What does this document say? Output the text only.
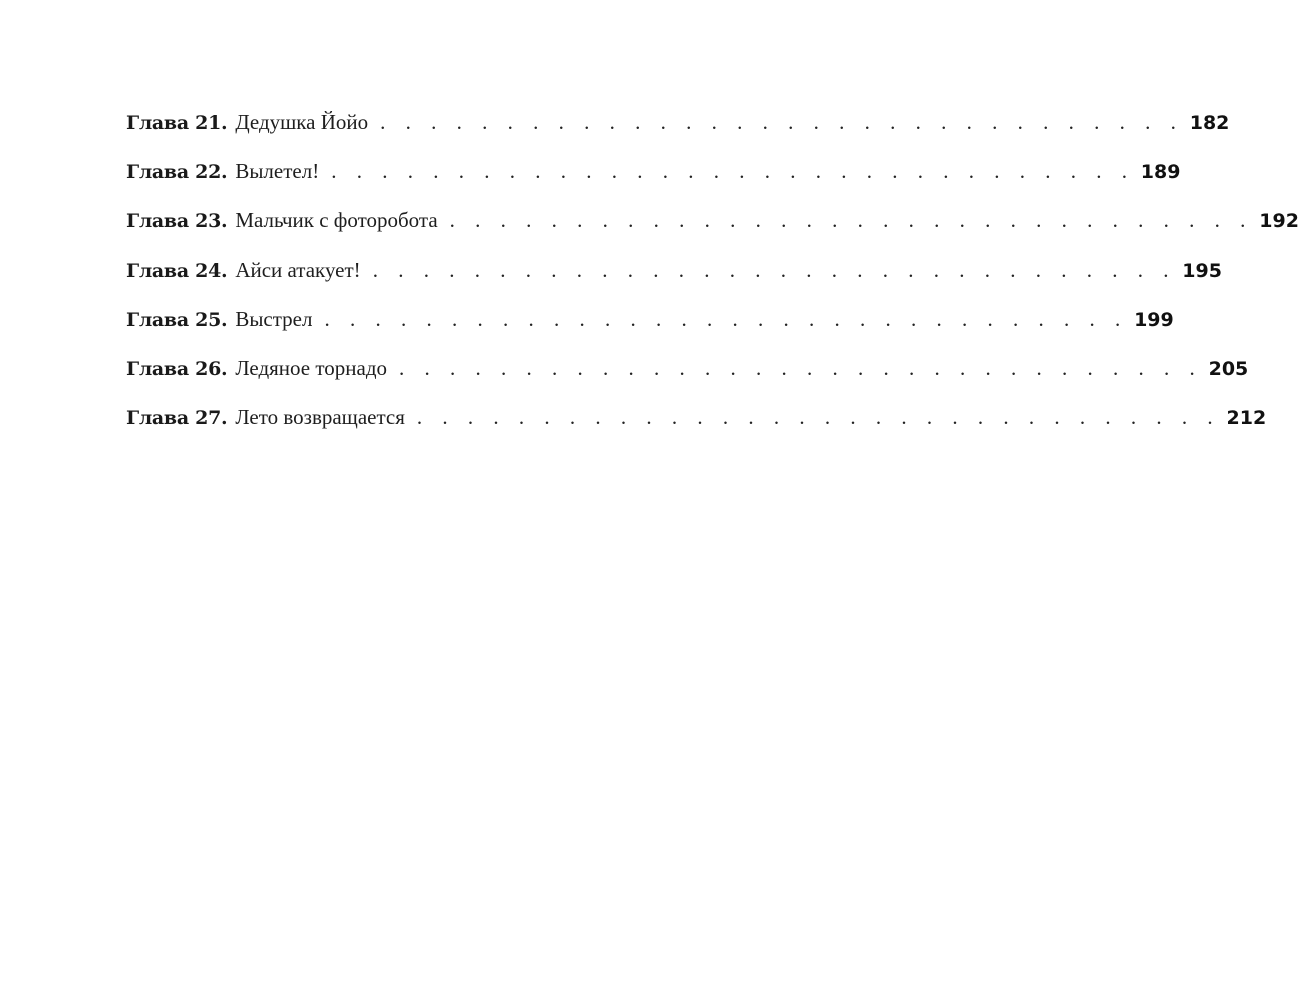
Глава 21. Дедушка Йойо . . . . . . . . . . . . . . . . . . . . . . . . . . . . . . . . 182
Глава 22. Вылетел! . . . . . . . . . . . . . . . . . . . . . . . . . . . . . . . . 189
Глава 23. Мальчик с фоторобота . . . . . . . . . . . . . . . . . . . . . . . . . . . . . . . . 192
Глава 24. Айси атакует! . . . . . . . . . . . . . . . . . . . . . . . . . . . . . . . . 195
Глава 25. Выстрел . . . . . . . . . . . . . . . . . . . . . . . . . . . . . . . . 199
Глава 26. Ледяное торнадо . . . . . . . . . . . . . . . . . . . . . . . . . . . . . . . . 205
Глава 27. Лето возвращается . . . . . . . . . . . . . . . . . . . . . . . . . . . . . . . . 212
